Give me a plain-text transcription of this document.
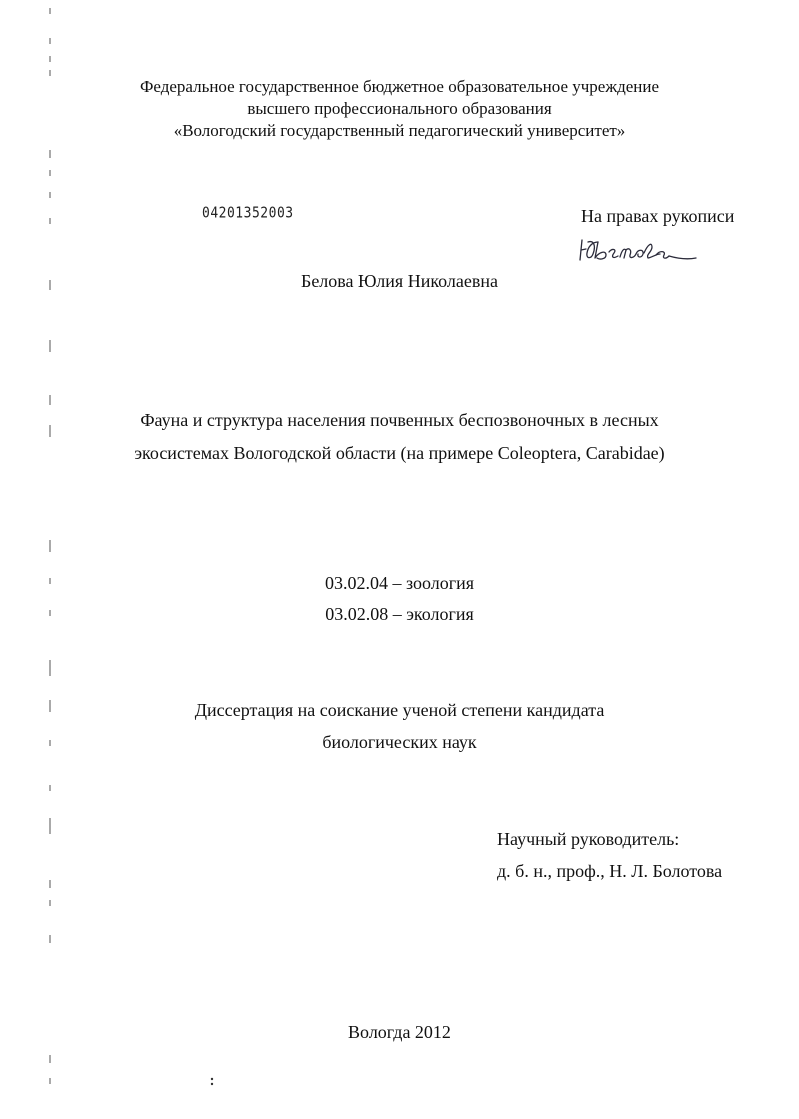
Федеральное государственное бюджетное образовательное учреждение
высшего профессионального образования
«Вологодский государственный педагогический университет»
04201352003	На правах рукописи
Белова Юлия Николаевна
Фауна и структура населения почвенных беспозвоночных в лесных
экосистемах Вологодской области (на примере Coleoptera, Carabidae)
03.02.04 – зоология
03.02.08 – экология
Диссертация на соискание ученой степени кандидата
биологических наук
Научный руководитель:
д. б. н., проф., Н. Л. Болотова
Вологда 2012
